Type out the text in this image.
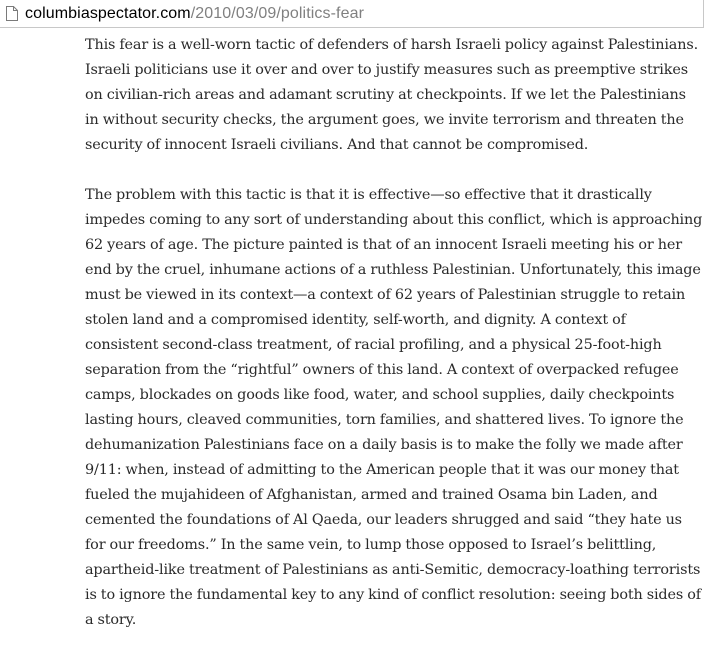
columbiaspectator.com/2010/03/09/politics-fear

This fear is a well-worn tactic of defenders of harsh Israeli policy against Palestinians. Israeli politicians use it over and over to justify measures such as preemptive strikes on civilian-rich areas and adamant scrutiny at checkpoints. If we let the Palestinians in without security checks, the argument goes, we invite terrorism and threaten the security of innocent Israeli civilians. And that cannot be compromised.

The problem with this tactic is that it is effective—so effective that it drastically impedes coming to any sort of understanding about this conflict, which is approaching 62 years of age. The picture painted is that of an innocent Israeli meeting his or her end by the cruel, inhumane actions of a ruthless Palestinian. Unfortunately, this image must be viewed in its context—a context of 62 years of Palestinian struggle to retain stolen land and a compromised identity, self-worth, and dignity. A context of consistent second-class treatment, of racial profiling, and a physical 25-foot-high separation from the “rightful” owners of this land. A context of overpacked refugee camps, blockades on goods like food, water, and school supplies, daily checkpoints lasting hours, cleaved communities, torn families, and shattered lives. To ignore the dehumanization Palestinians face on a daily basis is to make the folly we made after 9/11: when, instead of admitting to the American people that it was our money that fueled the mujahideen of Afghanistan, armed and trained Osama bin Laden, and cemented the foundations of Al Qaeda, our leaders shrugged and said “they hate us for our freedoms.” In the same vein, to lump those opposed to Israel’s belittling, apartheid-like treatment of Palestinians as anti-Semitic, democracy-loathing terrorists is to ignore the fundamental key to any kind of conflict resolution: seeing both sides of a story.
